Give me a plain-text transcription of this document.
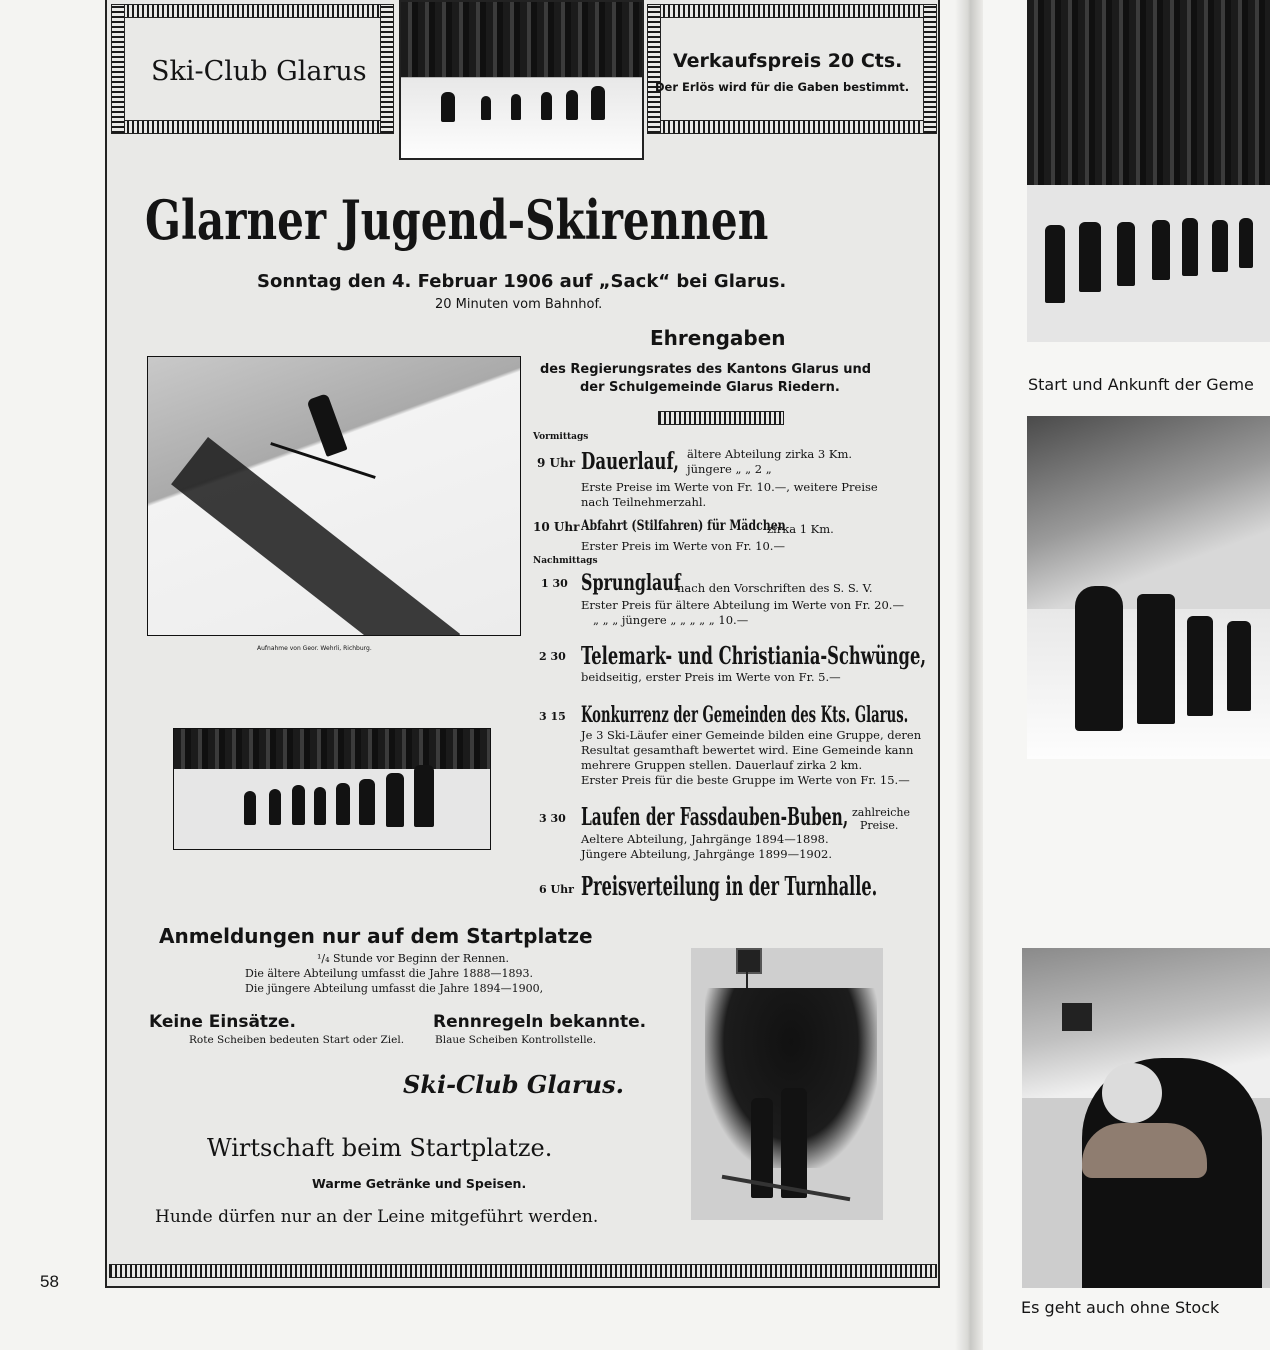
58

Ski-Club Glarus	Verkaufspreis 20 Cts.

Der Erlös wird für die Gaben bestimmt.

Glarner Jugend-Skirennen

Sonntag den 4. Februar 1906 auf „Sack“ bei Glarus.

20 Minuten vom Bahnhof.

Aufnahme von Geor. Wehrli, Richburg.

Ehrengaben

des Regierungsrates des Kantons Glarus und

der Schulgemeinde Glarus Riedern.

Vormittags

9 Uhr Dauerlauf, ältere Abteilung zirka 3 Km.

jüngere „ „ 2 „

Erste Preise im Werte von Fr. 10.—, weitere Preise

nach Teilnehmerzahl.

10 Uhr Abfahrt (Stilfahren) für Mädchen

zirka 1 Km.

Erster Preis im Werte von Fr. 10.—

Nachmittags

1 30 Sprunglauf

nach den Vorschriften des S. S. V.

Erster Preis für ältere Abteilung im Werte von Fr. 20.—

„ „ „ jüngere „ „ „ „ „ 10.—

2 30 Telemark- und Christiania-Schwünge,

beidseitig, erster Preis im Werte von Fr. 5.—

3 15 Konkurrenz der Gemeinden des Kts. Glarus.

Je 3 Ski-Läufer einer Gemeinde bilden eine Gruppe, deren

Resultat gesamthaft bewertet wird. Eine Gemeinde kann

mehrere Gruppen stellen. Dauerlauf zirka 2 km.

Erster Preis für die beste Gruppe im Werte von Fr. 15.—

3 30 Laufen der Fassdauben-Buben, zahlreiche

Preise.

Aeltere Abteilung, Jahrgänge 1894—1898.

Jüngere Abteilung, Jahrgänge 1899—1902.

6 Uhr Preisverteilung in der Turnhalle.

Anmeldungen nur auf dem Startplatze

¹/₄ Stunde vor Beginn der Rennen.

Die ältere Abteilung umfasst die Jahre 1888—1893.

Die jüngere Abteilung umfasst die Jahre 1894—1900,

Keine Einsätze.

Rote Scheiben bedeuten Start oder Ziel.

Rennregeln bekannte.

Blaue Scheiben Kontrollstelle.

Ski-Club Glarus.

Wirtschaft beim Startplatze.

Warme Getränke und Speisen.

Hunde dürfen nur an der Leine mitgeführt werden.

Start und Ankunft der Geme

Es geht auch ohne Stock
